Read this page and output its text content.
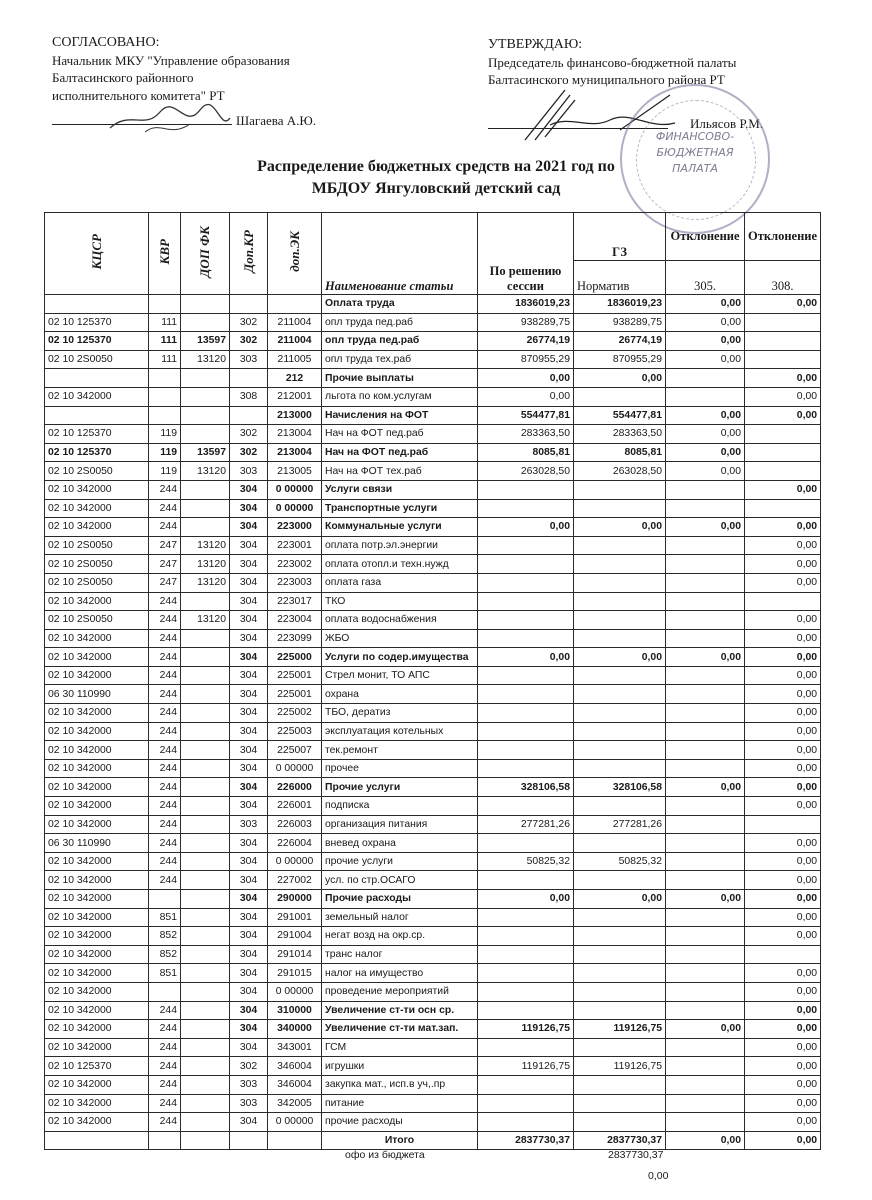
СОГЛАСОВАНО:
Начальник МКУ "Управление образования
Балтасинского районного
исполнительного комитета" РТ
Шагаева А.Ю.
УТВЕРЖДАЮ:
Председатель финансово-бюджетной палаты
Балтасинского муниципального района РТ
Ильясов Р.М.
ФИНАНСОВО-
БЮДЖЕТНАЯ
ПАЛАТА
Распределение бюджетных средств на 2021 год по
МБДОУ Янгуловский детский сад
КЦСР	КВР	ДОП ФК	Доп.КР	доп.ЭК	Наименование статьи	По решению сессии	ГЗ	Отклонение	Отклонение
							Норматив	305.	308.
					Оплата труда	1836019,23	1836019,23	0,00	0,00
02 10 125370	111		302	211004	опл труда пед.раб	938289,75	938289,75	0,00	
02 10 125370	111	13597	302	211004	опл труда пед.раб	26774,19	26774,19	0,00	
02 10 2S0050	111	13120	303	211005	опл труда тех.раб	870955,29	870955,29	0,00	
				212	Прочие выплаты	0,00	0,00		0,00
02 10 342000			308	212001	льгота по ком.услугам	0,00			0,00
				213000	Начисления на ФОТ	554477,81	554477,81	0,00	0,00
02 10 125370	119		302	213004	Нач на ФОТ пед.раб	283363,50	283363,50	0,00	
02 10 125370	119	13597	302	213004	Нач на ФОТ пед.раб	8085,81	8085,81	0,00	
02 10 2S0050	119	13120	303	213005	Нач на ФОТ тех.раб	263028,50	263028,50	0,00	
02 10 342000	244		304	0 00000	Услуги связи				0,00
02 10 342000	244		304	0 00000	Транспортные услуги				
02 10 342000	244		304	223000	Коммунальные услуги	0,00	0,00	0,00	0,00
02 10 2S0050	247	13120	304	223001	оплата потр.эл.энергии				0,00
02 10 2S0050	247	13120	304	223002	оплата отопл.и техн.нужд				0,00
02 10 2S0050	247	13120	304	223003	оплата газа				0,00
02 10 342000	244		304	223017	ТКО				
02 10 2S0050	244	13120	304	223004	оплата водоснабжения				0,00
02 10 342000	244		304	223099	ЖБО				0,00
02 10 342000	244		304	225000	Услуги по содер.имущества	0,00	0,00	0,00	0,00
02 10 342000	244		304	225001	Стрел монит, ТО АПС				0,00
06 30 110990	244		304	225001	охрана				0,00
02 10 342000	244		304	225002	ТБО, дератиз				0,00
02 10 342000	244		304	225003	эксплуатация котельных				0,00
02 10 342000	244		304	225007	тек.ремонт				0,00
02 10 342000	244		304	0 00000	прочее				0,00
02 10 342000	244		304	226000	Прочие услуги	328106,58	328106,58	0,00	0,00
02 10 342000	244		304	226001	подписка				0,00
02 10 342000	244		303	226003	организация питания	277281,26	277281,26		
06 30 110990	244		304	226004	вневед охрана				0,00
02 10 342000	244		304	0 00000	прочие услуги	50825,32	50825,32		0,00
02 10 342000	244		304	227002	усл. по стр.ОСАГО				0,00
02 10 342000			304	290000	Прочие расходы	0,00	0,00	0,00	0,00
02 10 342000	851		304	291001	земельный налог				0,00
02 10 342000	852		304	291004	негат возд на окр.ср.				0,00
02 10 342000	852		304	291014	транс налог				
02 10 342000	851		304	291015	налог на имущество				0,00
02 10 342000			304	0 00000	проведение мероприятий				0,00
02 10 342000	244		304	310000	Увеличение ст-ти осн ср.				0,00
02 10 342000	244		304	340000	Увеличение ст-ти мат.зап.	119126,75	119126,75	0,00	0,00
02 10 342000	244		304	343001	ГСМ				0,00
02 10 125370	244		302	346004	игрушки	119126,75	119126,75		0,00
02 10 342000	244		303	346004	закупка мат., исп.в уч,.пр				0,00
02 10 342000	244		303	342005	питание				0,00
02 10 342000	244		304	0 00000	прочие расходы				0,00
					Итого	2837730,37	2837730,37	0,00	0,00
офо из бюджета	2837730,37
0,00
